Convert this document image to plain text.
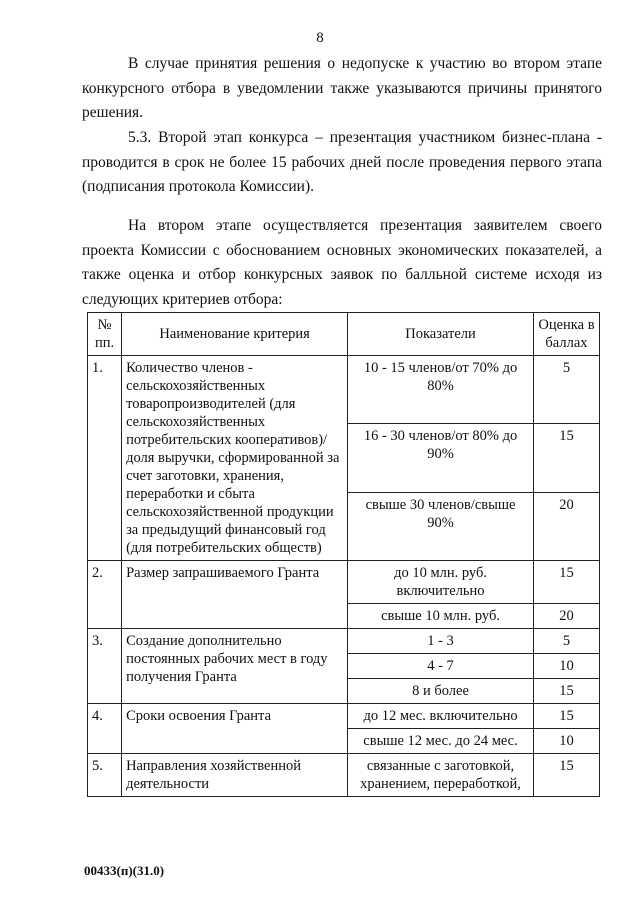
8

В случае принятия решения о недопуске к участию во втором этапе конкурсного отбора в уведомлении также указываются причины принятого решения.

5.3. Второй этап конкурса – презентация участником бизнес-плана - проводится в срок не более 15 рабочих дней после проведения первого этапа (подписания протокола Комиссии).

На втором этапе осуществляется презентация заявителем своего проекта Комиссии с обоснованием основных экономических показателей, а также оценка и отбор конкурсных заявок по балльной системе исходя из следующих критериев отбора:

№ пп.	Наименование критерия	Показатели	Оценка в баллах
1.	Количество членов - сельскохозяйственных товаропроизводителей (для сельскохозяйственных потребительских кооперативов)/доля выручки, сформированной за счет заготовки, хранения, переработки и сбыта сельскохозяйственной продукции за предыдущий финансовый год (для потребительских обществ)	10 - 15 членов/от 70% до 80%	5
		16 - 30 членов/от 80% до 90%	15
		свыше 30 членов/свыше 90%	20
2.	Размер запрашиваемого Гранта	до 10 млн. руб. включительно	15
		свыше 10 млн. руб.	20
3.	Создание дополнительно постоянных рабочих мест в году получения Гранта	1 - 3	5
		4 - 7	10
		8 и более	15
4.	Сроки освоения Гранта	до 12 мес. включительно	15
		свыше 12 мес. до 24 мес.	10
5.	Направления хозяйственной деятельности	связанные с заготовкой, хранением, переработкой,	15
00433(п)(31.0)
